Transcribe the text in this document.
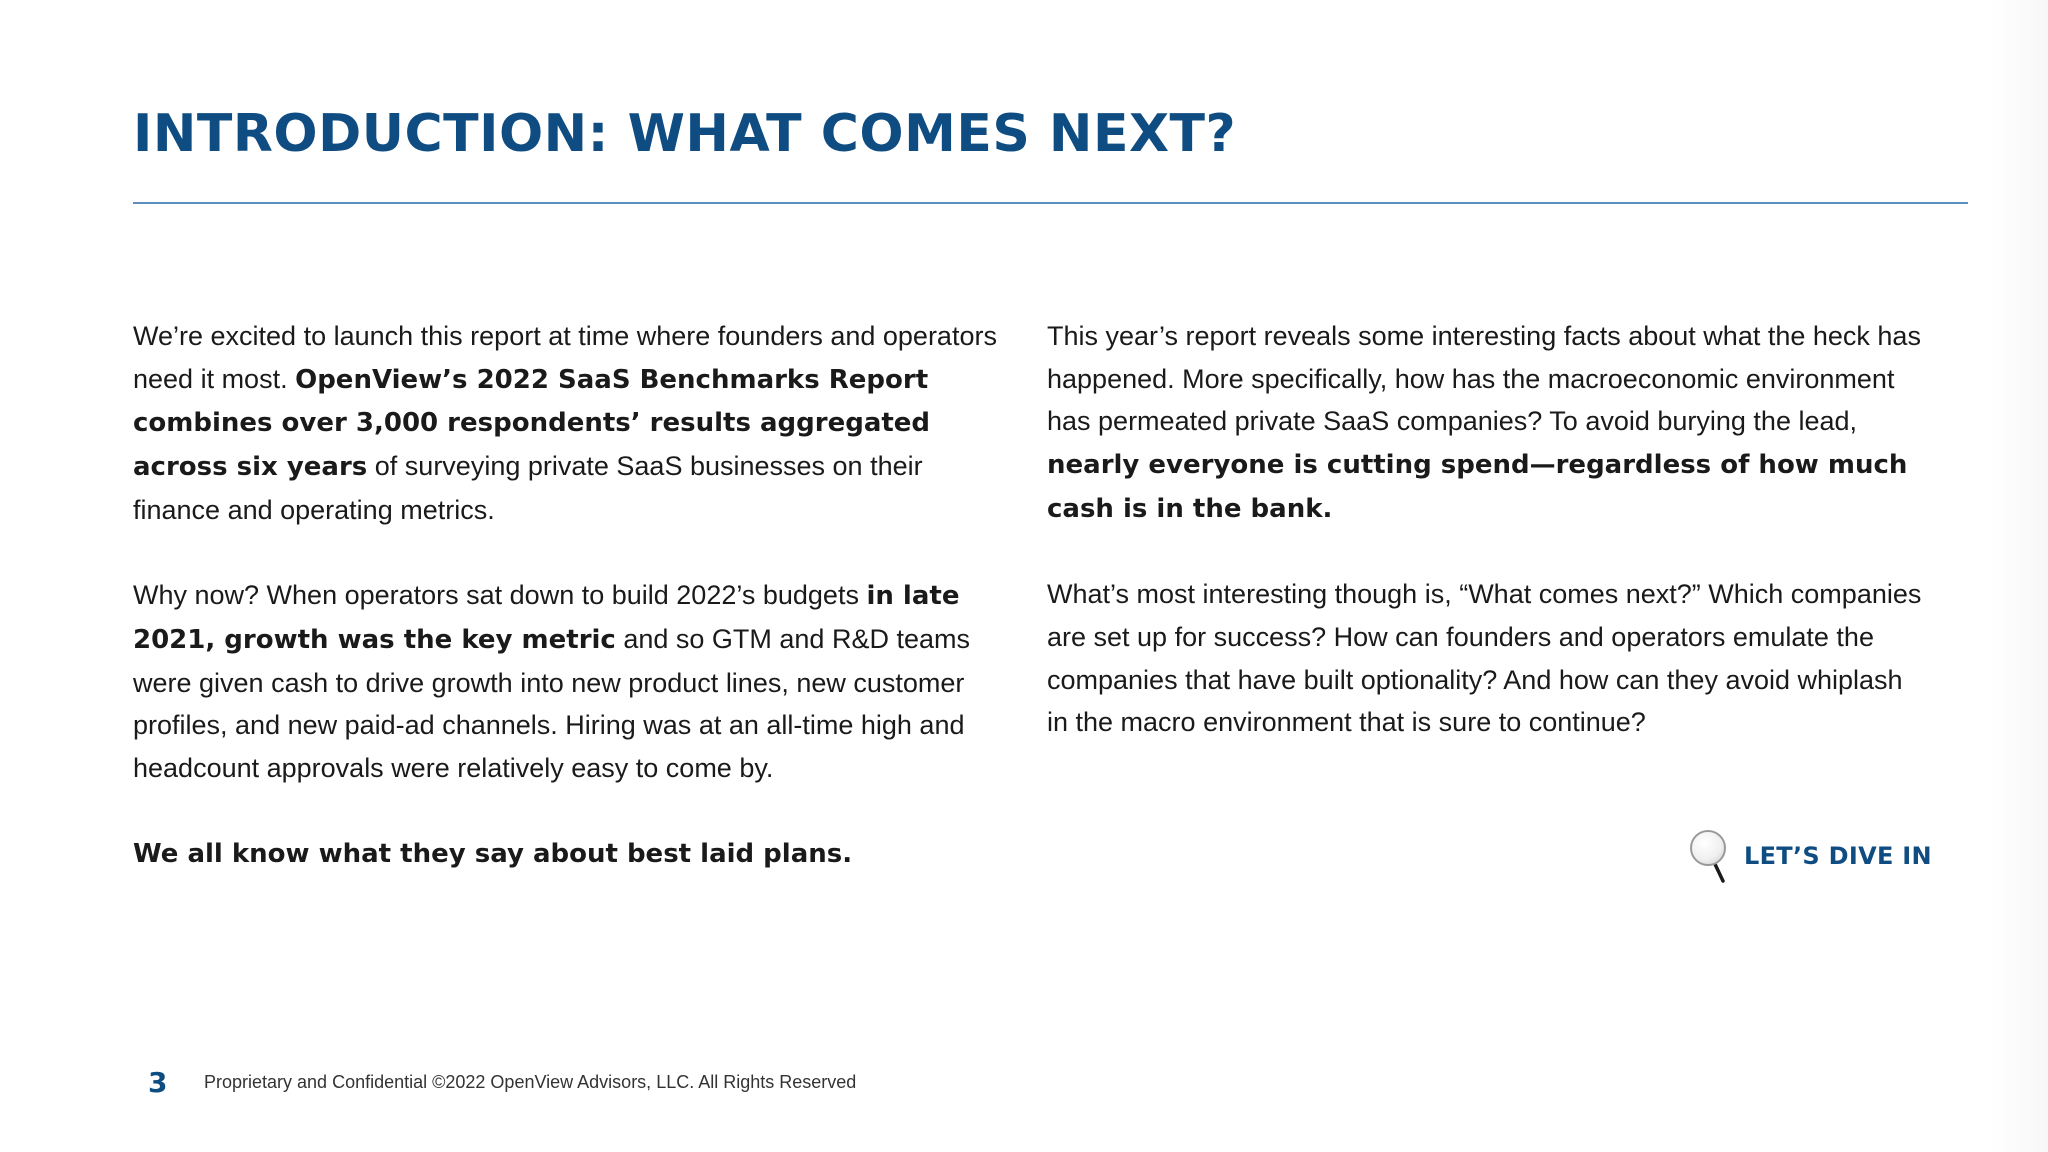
INTRODUCTION: WHAT COMES NEXT?

We’re excited to launch this report at time where founders and operators need it most. OpenView’s 2022 SaaS Benchmarks Report combines over 3,000 respondents’ results aggregated across six years of surveying private SaaS businesses on their finance and operating metrics.

Why now? When operators sat down to build 2022’s budgets in late 2021, growth was the key metric and so GTM and R&D teams were given cash to drive growth into new product lines, new customer profiles, and new paid-ad channels. Hiring was at an all-time high and headcount approvals were relatively easy to come by.

We all know what they say about best laid plans.

This year’s report reveals some interesting facts about what the heck has happened. More specifically, how has the macroeconomic environment has permeated private SaaS companies? To avoid burying the lead, nearly everyone is cutting spend—regardless of how much cash is in the bank.

What’s most interesting though is, “What comes next?” Which companies are set up for success? How can founders and operators emulate the companies that have built optionality? And how can they avoid whiplash in the macro environment that is sure to continue?

LET’S DIVE IN
3 Proprietary and Confidential ©2022 OpenView Advisors, LLC. All Rights Reserved
